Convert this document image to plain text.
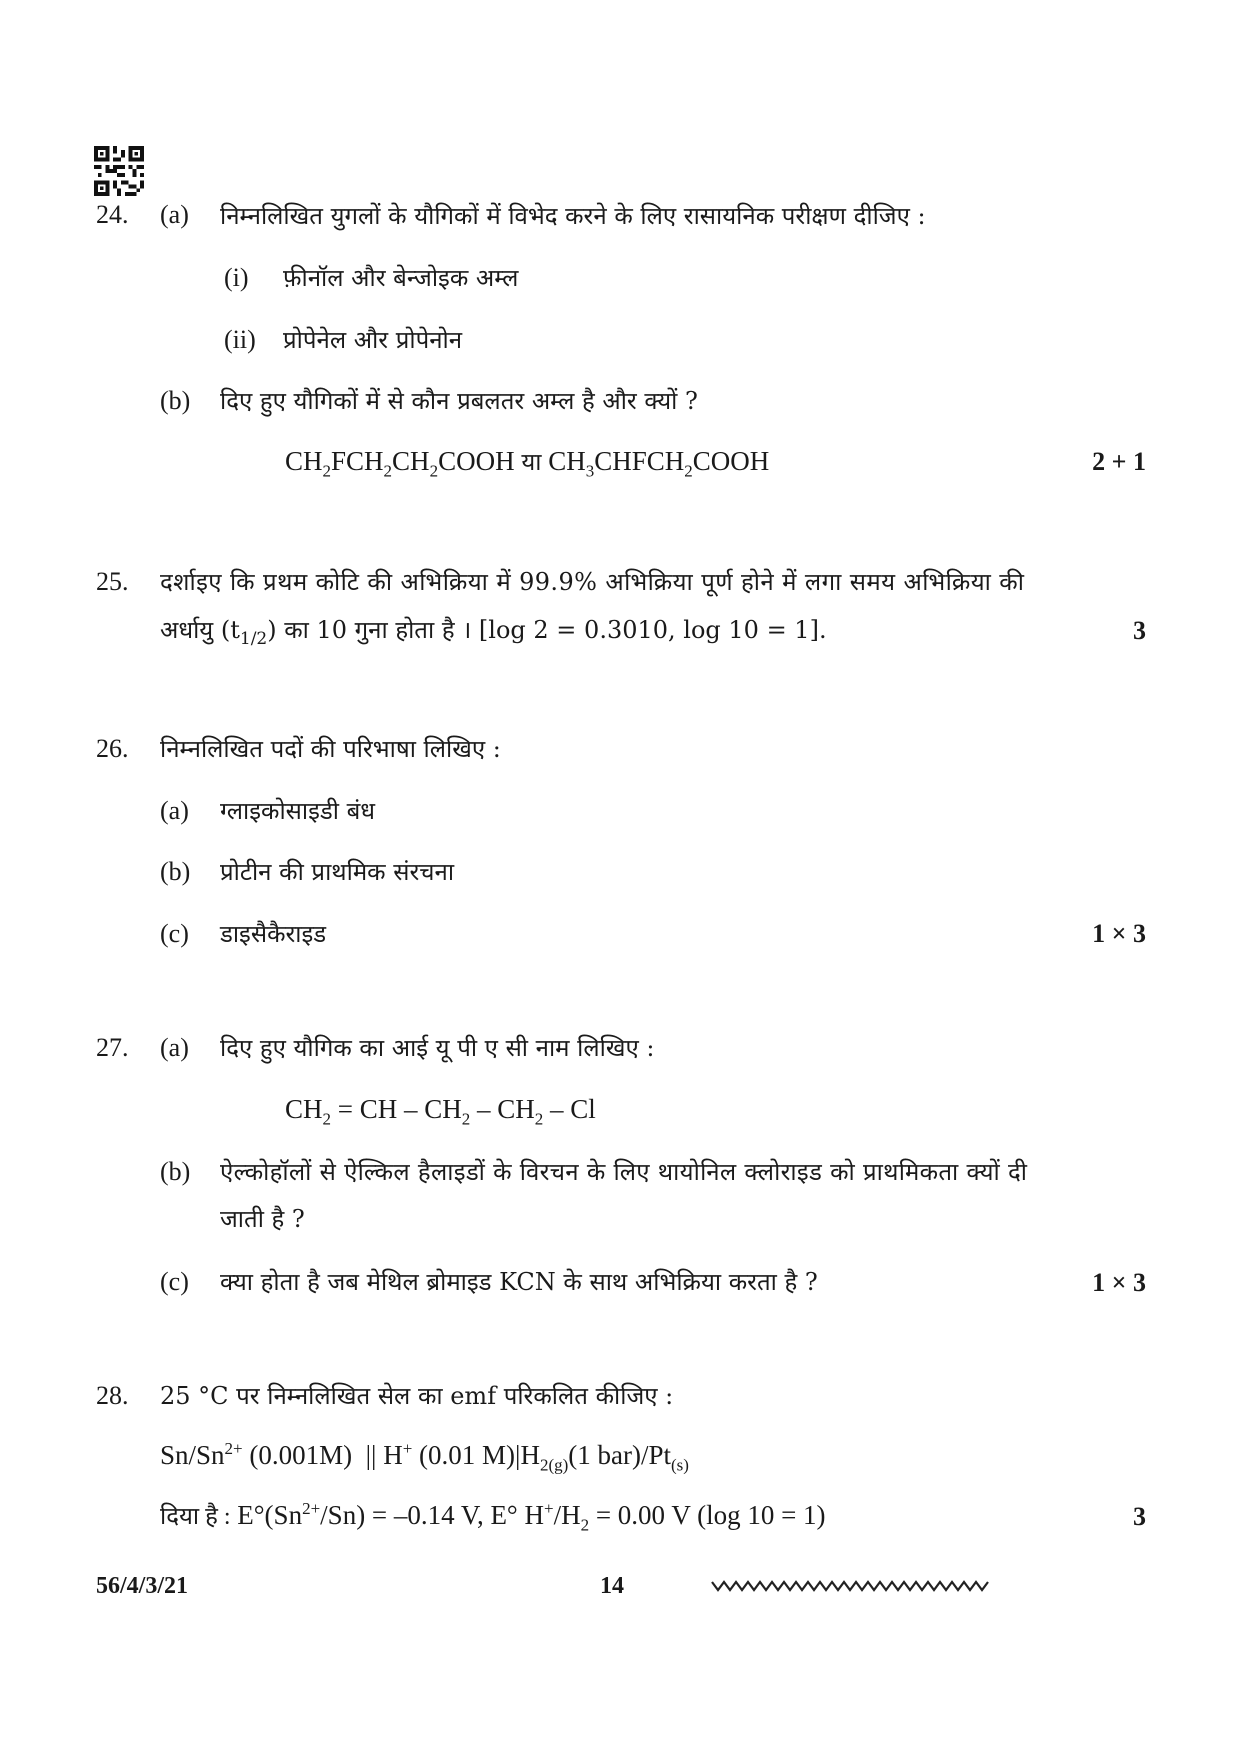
24. (a) निम्नलिखित युगलों के यौगिकों में विभेद करने के लिए रासायनिक परीक्षण दीजिए :
(i) फ़ीनॉल और बेन्जोइक अम्ल
(ii) प्रोपेनेल और प्रोपेनोन
(b) दिए हुए यौगिकों में से कौन प्रबलतर अम्ल है और क्यों ?
$CH_2FCH_2CH_2COOH$ या $CH_3CHFCH_2COOH$	2 + 1
25. दर्शाइए कि प्रथम कोटि की अभिक्रिया में 99.9% अभिक्रिया पूर्ण होने में लगा समय अभिक्रिया की
अर्धायु $(t_{1/2})$ का 10 गुना होता है । [log 2 = 0.3010, log 10 = 1].	3
26. निम्नलिखित पदों की परिभाषा लिखिए :
(a) ग्लाइकोसाइडी बंध
(b) प्रोटीन की प्राथमिक संरचना
(c) डाइसैकैराइड	1 × 3
27. (a) दिए हुए यौगिक का आई यू पी ए सी नाम लिखिए :
$CH_2$ = CH – $CH_2 - CH_2$ – Cl
(b) ऐल्कोहॉलों से ऐल्किल हैलाइडों के विरचन के लिए थायोनिल क्लोराइड को प्राथमिकता क्यों दी
जाती है ?
(c) क्या होता है जब मेथिल ब्रोमाइड KCN के साथ अभिक्रिया करता है ?	1 × 3
28. 25 °C पर निम्नलिखित सेल का emf परिकलित कीजिए :
$Sn/Sn^{2+}$ (0.001M)  || H+ (0.01 $M)|H_{2(g)}(1$ $bar)/Pt_{(s)}$
दिया है : $E^\circ(Sn^{2+}/Sn) = -0.14$ V, E° $H^+/H_2 = 0.00$ V (log 10 = 1)	3
56/4/3/21	14
